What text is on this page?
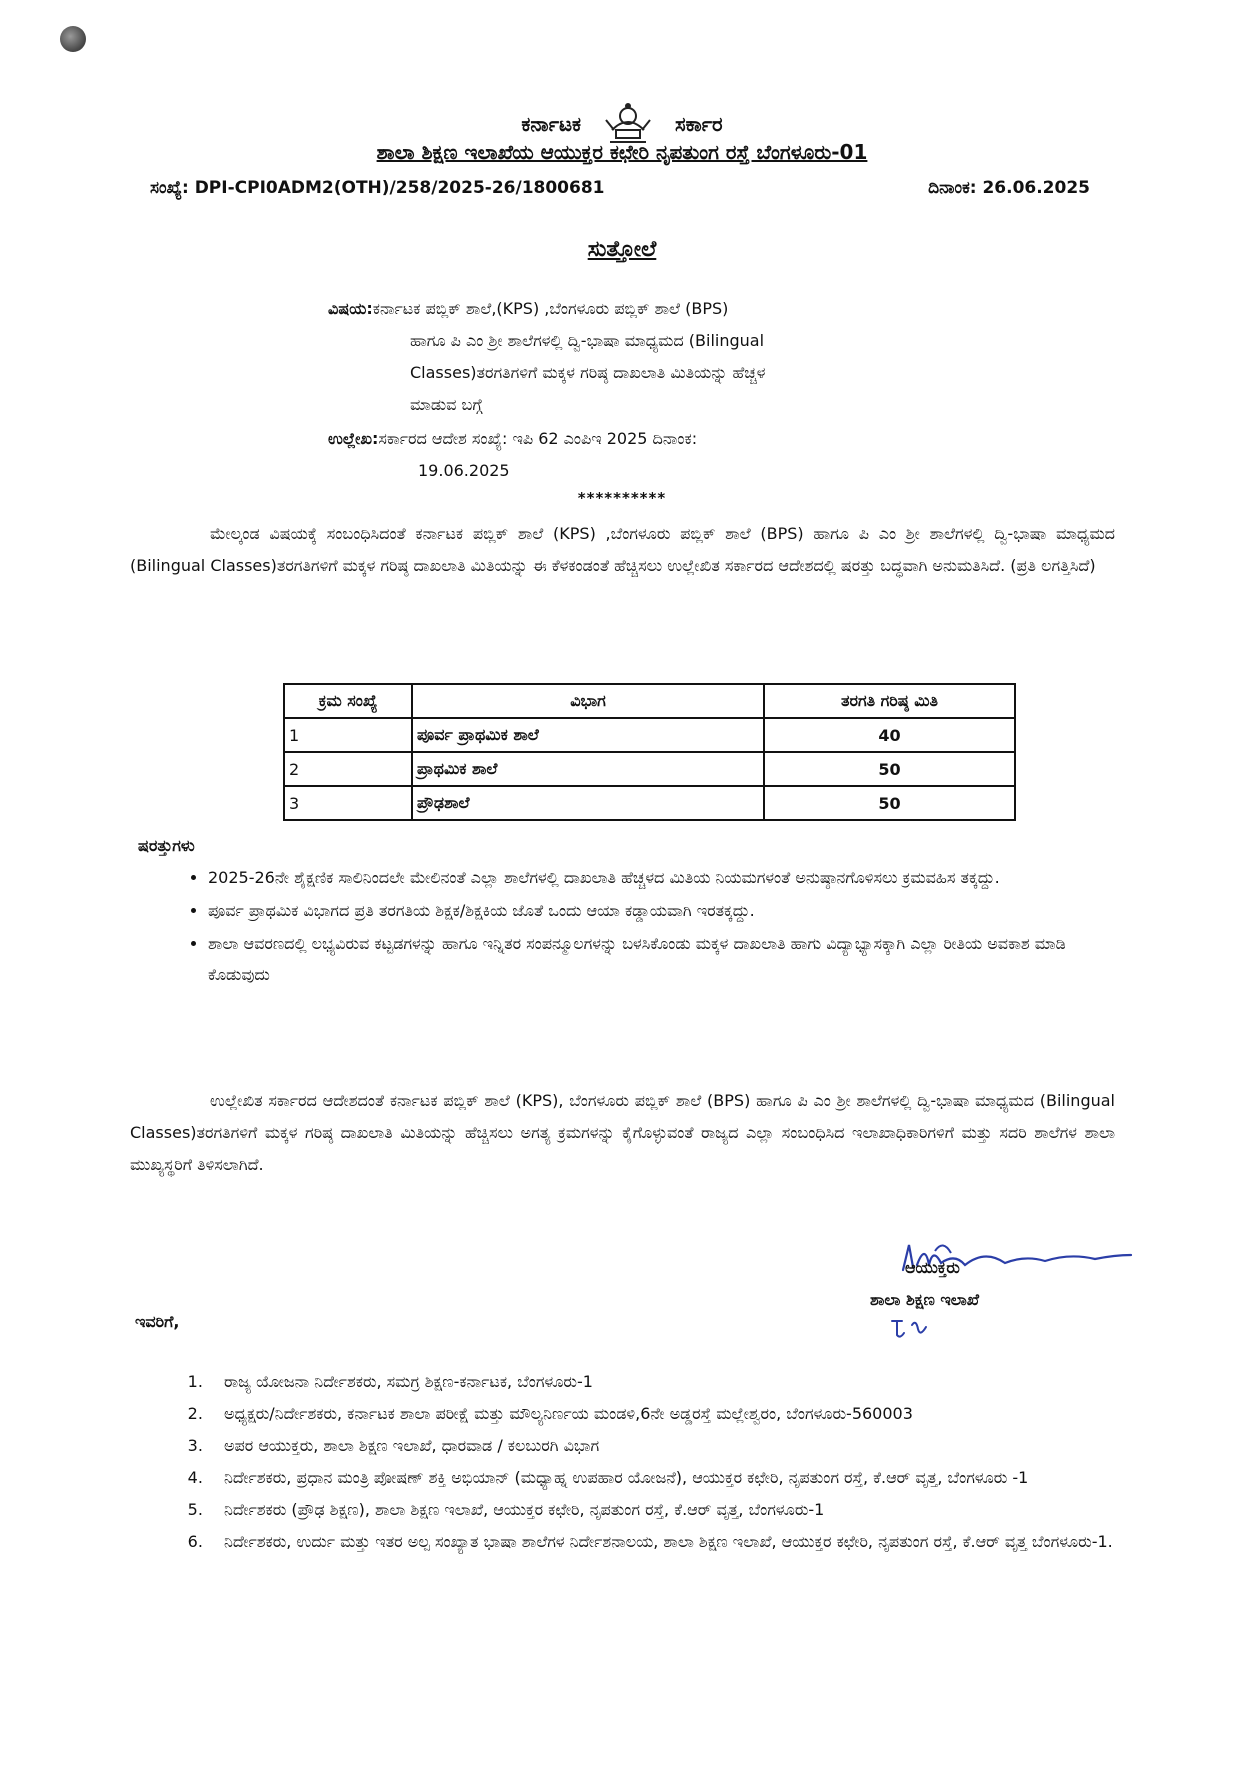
ಕರ್ನಾಟಕ	ಸರ್ಕಾರ
ಶಾಲಾ ಶಿಕ್ಷಣ ಇಲಾಖೆಯ ಆಯುಕ್ತರ ಕಛೇರಿ ನೃಪತುಂಗ ರಸ್ತೆ ಬೆಂಗಳೂರು-01
ಸಂಖ್ಯೆ: DPI-CPI0ADM2(OTH)/258/2025-26/1800681	ದಿನಾಂಕ: 26.06.2025
ಸುತ್ತೋಲೆ
ವಿಷಯ:ಕರ್ನಾಟಕ ಪಬ್ಲಿಕ್ ಶಾಲೆ,(KPS) ,ಬೆಂಗಳೂರು ಪಬ್ಲಿಕ್ ಶಾಲೆ (BPS)
ಹಾಗೂ ಪಿ ಎಂ ಶ್ರೀ ಶಾಲೆಗಳಲ್ಲಿ ದ್ವಿ-ಭಾಷಾ ಮಾಧ್ಯಮದ (Bilingual
Classes)ತರಗತಿಗಳಿಗೆ ಮಕ್ಕಳ ಗರಿಷ್ಠ ದಾಖಲಾತಿ ಮಿತಿಯನ್ನು ಹೆಚ್ಚಳ
ಮಾಡುವ ಬಗ್ಗೆ
ಉಲ್ಲೇಖ:ಸರ್ಕಾರದ ಆದೇಶ ಸಂಖ್ಯೆ: ಇಪಿ 62 ಎಂಪಿಇ 2025 ದಿನಾಂಕ:
19.06.2025
**********
ಮೇಲ್ಕಂಡ ವಿಷಯಕ್ಕೆ ಸಂಬಂಧಿಸಿದಂತೆ ಕರ್ನಾಟಕ ಪಬ್ಲಿಕ್ ಶಾಲೆ (KPS) ,ಬೆಂಗಳೂರು ಪಬ್ಲಿಕ್ ಶಾಲೆ (BPS) ಹಾಗೂ ಪಿ ಎಂ ಶ್ರೀ ಶಾಲೆಗಳಲ್ಲಿ ದ್ವಿ-ಭಾಷಾ ಮಾಧ್ಯಮದ (Bilingual Classes)ತರಗತಿಗಳಿಗೆ ಮಕ್ಕಳ ಗರಿಷ್ಠ ದಾಖಲಾತಿ ಮಿತಿಯನ್ನು ಈ ಕೆಳಕಂಡಂತೆ ಹೆಚ್ಚಿಸಲು ಉಲ್ಲೇಖಿತ ಸರ್ಕಾರದ ಆದೇಶದಲ್ಲಿ ಷರತ್ತು ಬದ್ಧವಾಗಿ ಅನುಮತಿಸಿದೆ. (ಪ್ರತಿ ಲಗತ್ತಿಸಿದೆ)
ಕ್ರಮ ಸಂಖ್ಯೆ	ವಿಭಾಗ	ತರಗತಿ ಗರಿಷ್ಠ ಮಿತಿ
1	ಪೂರ್ವ ಪ್ರಾಥಮಿಕ ಶಾಲೆ	40
2	ಪ್ರಾಥಮಿಕ ಶಾಲೆ	50
3	ಪ್ರೌಢಶಾಲೆ	50
ಷರತ್ತುಗಳು
• 2025-26ನೇ ಶೈಕ್ಷಣಿಕ ಸಾಲಿನಿಂದಲೇ ಮೇಲಿನಂತೆ ಎಲ್ಲಾ ಶಾಲೆಗಳಲ್ಲಿ ದಾಖಲಾತಿ ಹೆಚ್ಚಳದ ಮಿತಿಯ ನಿಯಮಗಳಂತೆ ಅನುಷ್ಠಾನಗೊಳಿಸಲು ಕ್ರಮವಹಿಸ ತಕ್ಕದ್ದು.
• ಪೂರ್ವ ಪ್ರಾಥಮಿಕ ವಿಭಾಗದ ಪ್ರತಿ ತರಗತಿಯ ಶಿಕ್ಷಕ/ಶಿಕ್ಷಕಿಯ ಜೊತೆ ಒಂದು ಆಯಾ ಕಡ್ಡಾಯವಾಗಿ ಇರತಕ್ಕದ್ದು.
• ಶಾಲಾ ಆವರಣದಲ್ಲಿ ಲಭ್ಯವಿರುವ ಕಟ್ಟಡಗಳನ್ನು ಹಾಗೂ ಇನ್ನಿತರ ಸಂಪನ್ಮೂಲಗಳನ್ನು ಬಳಸಿಕೊಂಡು ಮಕ್ಕಳ ದಾಖಲಾತಿ ಹಾಗು ವಿದ್ಯಾಭ್ಯಾಸಕ್ಕಾಗಿ ಎಲ್ಲಾ ರೀತಿಯ ಅವಕಾಶ ಮಾಡಿ ಕೊಡುವುದು
ಉಲ್ಲೇಖಿತ ಸರ್ಕಾರದ ಆದೇಶದಂತೆ ಕರ್ನಾಟಕ ಪಬ್ಲಿಕ್ ಶಾಲೆ (KPS), ಬೆಂಗಳೂರು ಪಬ್ಲಿಕ್ ಶಾಲೆ (BPS) ಹಾಗೂ ಪಿ ಎಂ ಶ್ರೀ ಶಾಲೆಗಳಲ್ಲಿ ದ್ವಿ-ಭಾಷಾ ಮಾಧ್ಯಮದ (Bilingual Classes)ತರಗತಿಗಳಿಗೆ ಮಕ್ಕಳ ಗರಿಷ್ಠ ದಾಖಲಾತಿ ಮಿತಿಯನ್ನು ಹೆಚ್ಚಿಸಲು ಅಗತ್ಯ ಕ್ರಮಗಳನ್ನು ಕೈಗೊಳ್ಳುವಂತೆ ರಾಜ್ಯದ ಎಲ್ಲಾ ಸಂಬಂಧಿಸಿದ ಇಲಾಖಾಧಿಕಾರಿಗಳಿಗೆ ಮತ್ತು ಸದರಿ ಶಾಲೆಗಳ ಶಾಲಾ ಮುಖ್ಯಸ್ಥರಿಗೆ ತಿಳಿಸಲಾಗಿದೆ.
ಆಯುಕ್ತರು
ಶಾಲಾ ಶಿಕ್ಷಣ ಇಲಾಖೆ
ಇವರಿಗೆ,
1. ರಾಜ್ಯ ಯೋಜನಾ ನಿರ್ದೇಶಕರು, ಸಮಗ್ರ ಶಿಕ್ಷಣ-ಕರ್ನಾಟಕ, ಬೆಂಗಳೂರು-1
2. ಅಧ್ಯಕ್ಷರು/ನಿರ್ದೇಶಕರು, ಕರ್ನಾಟಕ ಶಾಲಾ ಪರೀಕ್ಷೆ ಮತ್ತು ಮೌಲ್ಯನಿರ್ಣಯ ಮಂಡಳಿ,6ನೇ ಅಡ್ಡರಸ್ತೆ ಮಲ್ಲೇಶ್ವರಂ, ಬೆಂಗಳೂರು-560003
3. ಅಪರ ಆಯುಕ್ತರು, ಶಾಲಾ ಶಿಕ್ಷಣ ಇಲಾಖೆ, ಧಾರವಾಡ / ಕಲಬುರಗಿ ವಿಭಾಗ
4. ನಿರ್ದೇಶಕರು, ಪ್ರಧಾನ ಮಂತ್ರಿ ಪೋಷಣ್ ಶಕ್ತಿ ಅಭಿಯಾನ್ (ಮಧ್ಯಾಹ್ನ ಉಪಹಾರ ಯೋಜನೆ), ಆಯುಕ್ತರ ಕಛೇರಿ, ನೃಪತುಂಗ ರಸ್ತೆ, ಕೆ.ಆರ್ ವೃತ್ತ, ಬೆಂಗಳೂರು -1
5. ನಿರ್ದೇಶಕರು (ಪ್ರೌಢ ಶಿಕ್ಷಣ), ಶಾಲಾ ಶಿಕ್ಷಣ ಇಲಾಖೆ, ಆಯುಕ್ತರ ಕಛೇರಿ, ನೃಪತುಂಗ ರಸ್ತೆ, ಕೆ.ಆರ್ ವೃತ್ತ, ಬೆಂಗಳೂರು-1
6. ನಿರ್ದೇಶಕರು, ಉರ್ದು ಮತ್ತು ಇತರ ಅಲ್ಪ ಸಂಖ್ಯಾತ ಭಾಷಾ ಶಾಲೆಗಳ ನಿರ್ದೇಶನಾಲಯ, ಶಾಲಾ ಶಿಕ್ಷಣ ಇಲಾಖೆ, ಆಯುಕ್ತರ ಕಛೇರಿ, ನೃಪತುಂಗ ರಸ್ತೆ, ಕೆ.ಆರ್ ವೃತ್ತ ಬೆಂಗಳೂರು-1.
